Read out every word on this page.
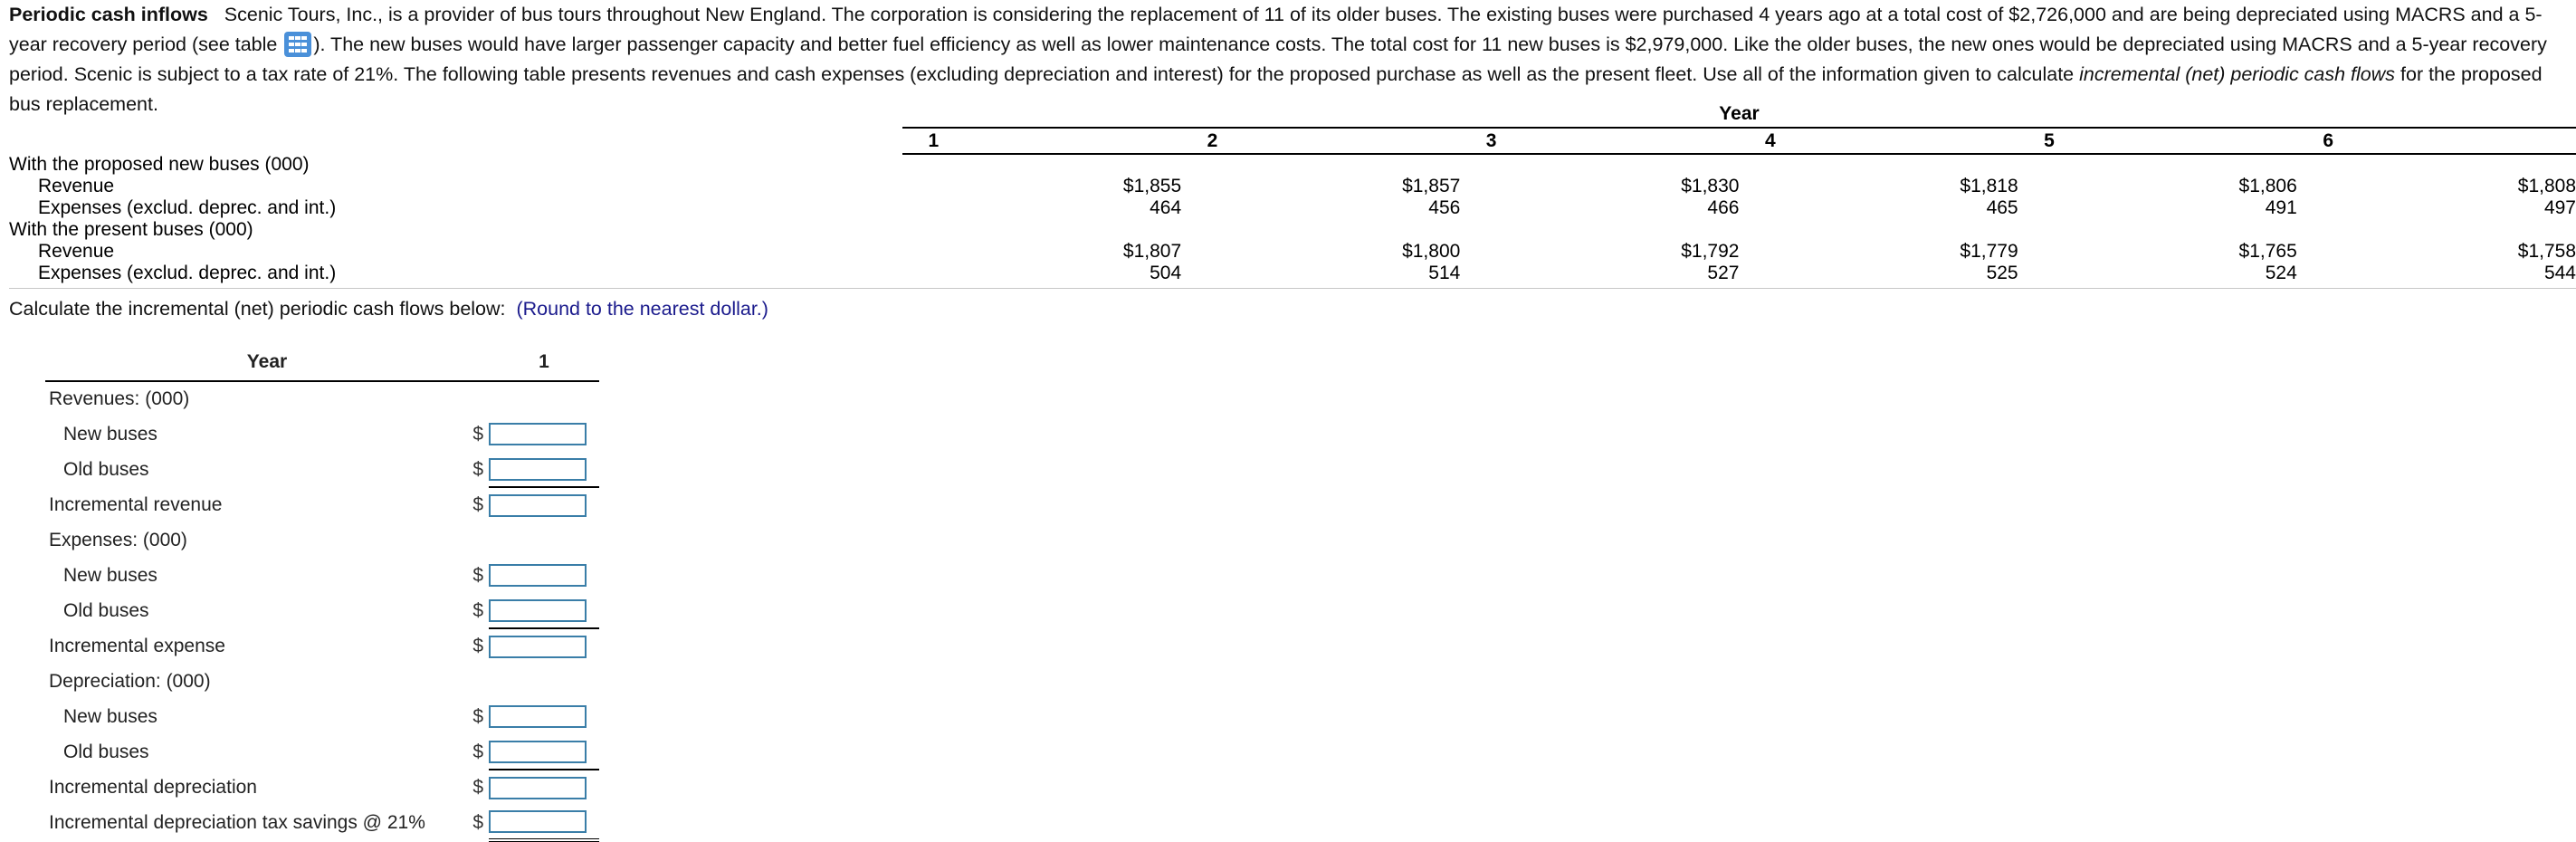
Periodic cash inflows Scenic Tours, Inc., is a provider of bus tours throughout New England. The corporation is considering the replacement of 11 of its older buses. The existing buses were purchased 4 years ago at a total cost of $2,726,000 and are being depreciated using MACRS and a 5-year recovery period (see table
). The new buses would have larger passenger capacity and better fuel efficiency as well as lower maintenance costs. The total cost for 11 new buses is $2,979,000. Like the older buses, the new ones would be depreciated using MACRS and a 5-year recovery period. Scenic is subject to a tax rate of 21%. The following table presents revenues and cash expenses (excluding depreciation and interest) for the proposed purchase as well as the present fleet. Use all of the information given to calculate incremental (net) periodic cash flows for the proposed bus replacement.
		Year					
	1	2	3	4	5	6
With the proposed new buses (000)						
Revenue	$1,855	$1,857	$1,830	$1,818	$1,806	$1,808
Expenses (exclud. deprec. and int.)	464	456	466	465	491	497
With the present buses (000)						
Revenue	$1,807	$1,800	$1,792	$1,779	$1,765	$1,758
Expenses (exclud. deprec. and int.)	504	514	527	525	524	544
Calculate the incremental (net) periodic cash flows below: (Round to the nearest dollar.)
Year		1
Revenues: (000)		
New buses	$	
Old buses	$	
Incremental revenue	$	
Expenses: (000)		
New buses	$	
Old buses	$	
Incremental expense	$	
Depreciation: (000)		
New buses	$	
Old buses	$	
Incremental depreciation	$	
Incremental depreciation tax savings @ 21%	$	
